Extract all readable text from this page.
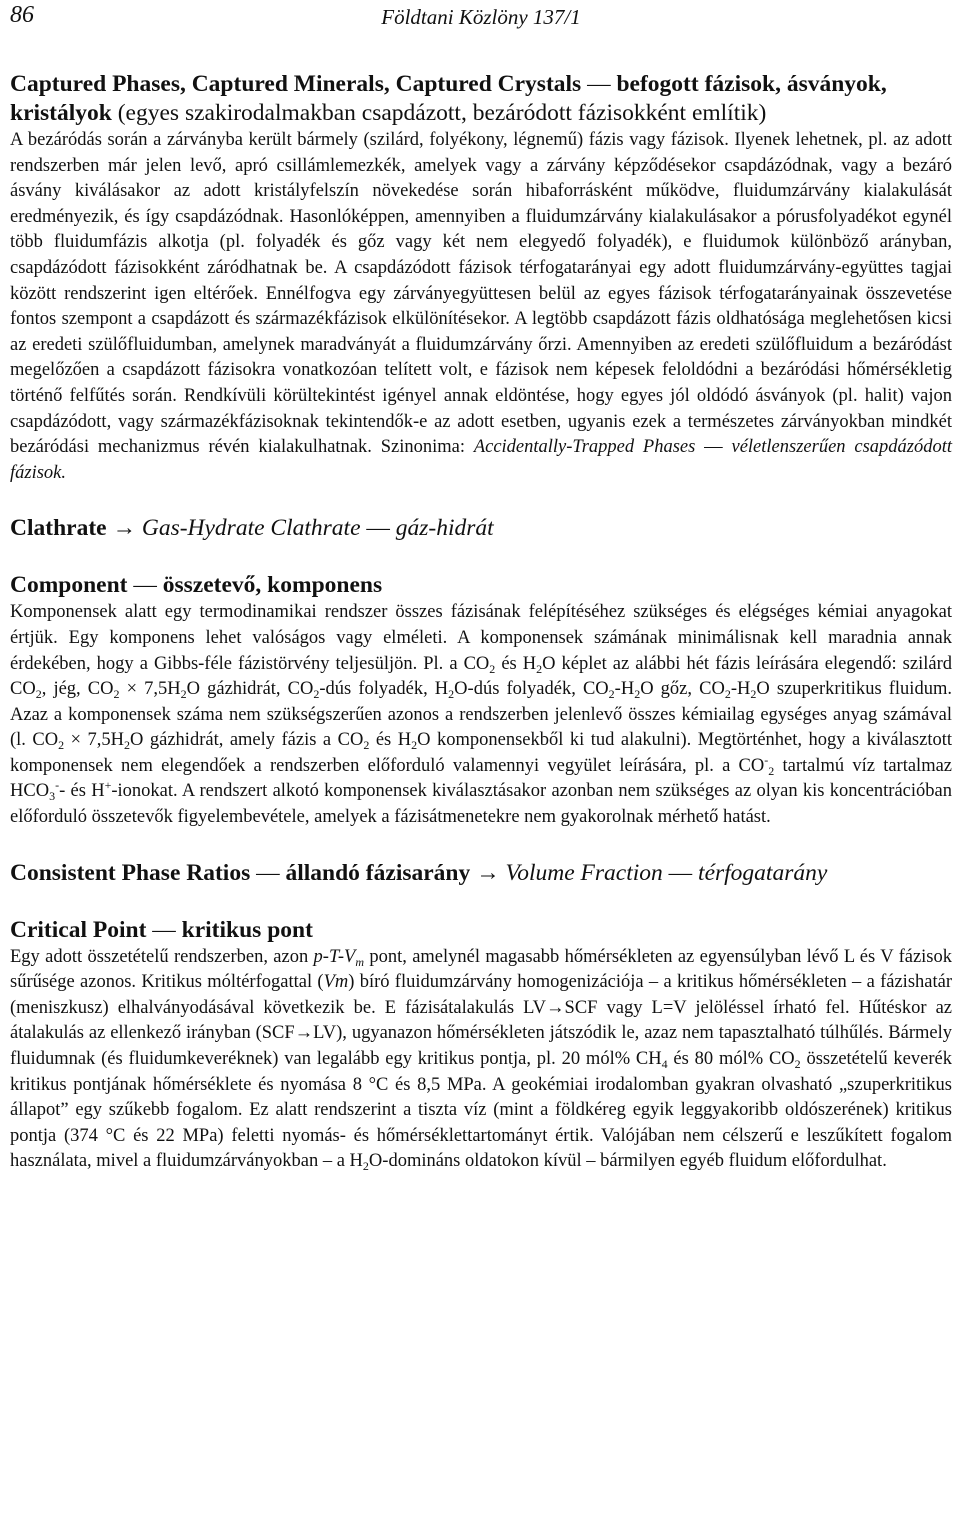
86	Földtani Közlöny 137/1

Captured Phases, Captured Minerals, Captured Crystals — befogott fázisok, ásványok, kristályok (egyes szakirodalmakban csapdázott, bezáródott fázisokként említik)

A bezáródás során a zárványba került bármely (szilárd, folyékony, légnemű) fázis vagy fázisok. Ilyenek lehetnek, pl. az adott rendszerben már jelen levő, apró csillámlemezkék, amelyek vagy a zárvány képződésekor csapdázódnak, vagy a bezáró ásvány kiválásakor az adott kristályfelszín növekedése során hibaforrásként működve, fluidumzárvány kialakulását eredményezik, és így csapdázódnak. Hasonlóképpen, amennyiben a fluidumzárvány kialakulásakor a pórusfolyadékot egynél több fluidumfázis alkotja (pl. folyadék és gőz vagy két nem elegyedő folyadék), e fluidumok különböző arányban, csapdázódott fázisokként záródhatnak be. A csapdázódott fázisok térfogatarányai egy adott fluidumzárvány-együttes tagjai között rendszerint igen eltérőek. Ennélfogva egy zárványegyüttesen belül az egyes fázisok térfogatarányainak összevetése fontos szempont a csapdázott és származékfázisok elkülönítésekor. A legtöbb csapdázott fázis oldhatósága meglehetősen kicsi az eredeti szülőfluidumban, amelynek maradványát a fluidumzárvány őrzi. Amennyiben az eredeti szülőfluidum a bezáródást megelőzően a csapdázott fázisokra vonatkozóan telített volt, e fázisok nem képesek feloldódni a bezáródási hőmérsékletig történő felfűtés során. Rendkívüli körültekintést igényel annak eldöntése, hogy egyes jól oldódó ásványok (pl. halit) vajon csapdázódott, vagy származékfázisoknak tekintendők-e az adott esetben, ugyanis ezek a természetes zárványokban mindkét bezáródási mechanizmus révén kialakulhatnak. Szinonima: Accidentally-Trapped Phases — véletlenszerűen csapdázódott fázisok.

Clathrate → Gas-Hydrate Clathrate — gáz-hidrát

Component — összetevő, komponens

Komponensek alatt egy termodinamikai rendszer összes fázisának felépítéséhez szükséges és elégséges kémiai anyagokat értjük. Egy komponens lehet valóságos vagy elméleti. A komponensek számának minimálisnak kell maradnia annak érdekében, hogy a Gibbs-féle fázistörvény teljesüljön. Pl. a $CO_2$ és $H_2O$ képlet az alábbi hét fázis leírására elegendő: szilárd $CO_2$, jég, $CO_2 \times 7,5H_2O$ gázhidrát, $CO_2$-dús folyadék, $H_2O$-dús folyadék, $CO_2-H_2O$ gőz, $CO_2-H_2O$ szuperkritikus fluidum. Azaz a komponensek száma nem szükségszerűen azonos a rendszerben jelenlevő összes kémiailag egységes anyag számával (l. $CO_2 \times 7,5H_2O$ gázhidrát, amely fázis a $CO_2$ és $H_2O$ komponensekből ki tud alakulni). Megtörténhet, hogy a kiválasztott komponensek nem elegendőek a rendszerben előforduló valamennyi vegyület leírására, pl. a $CO^-_2$ tartalmú víz tartalmaz $HCO_3^--$ és H+-ionokat. A rendszert alkotó komponensek kiválasztásakor azonban nem szükséges az olyan kis koncentrációban előforduló összetevők figyelembevétele, amelyek a fázisátmenetekre nem gyakorolnak mérhető hatást.

Consistent Phase Ratios — állandó fázisarány → Volume Fraction — térfogatarány

Critical Point — kritikus pont

Egy adott összetételű rendszerben, azon $p-T-V_m$ pont, amelynél magasabb hőmérsékleten az egyensúlyban lévő L és V fázisok sűrűsége azonos. Kritikus móltérfogattal (Vm) bíró fluidumzárvány homogenizációja – a kritikus hőmérsékleten – a fázishatár (meniszkusz) elhalványodásával következik be. E fázisátalakulás LV→SCF vagy L=V jelöléssel írható fel. Hűtéskor az átalakulás az ellenkező irányban (SCF→LV), ugyanazon hőmérsékleten játszódik le, azaz nem tapasztalható túlhűlés. Bármely fluidumnak (és fluidumkeveréknek) van legalább egy kritikus pontja, pl. 20 mól% $CH_4$ és 80 mól% $CO_2$ összetételű keverék kritikus pontjának hőmérséklete és nyomása 8 °C és 8,5 MPa. A geokémiai irodalomban gyakran olvasható „szuperkritikus állapot” egy szűkebb fogalom. Ez alatt rendszerint a tiszta víz (mint a földkéreg egyik leggyakoribb oldószerének) kritikus pontja (374 °C és 22 MPa) feletti nyomás- és hőmérséklettartományt értik. Valójában nem célszerű e leszűkített fogalom használata, mivel a fluidumzárványokban – a $H_2O$-domináns oldatokon kívül – bármilyen egyéb fluidum előfordulhat.
